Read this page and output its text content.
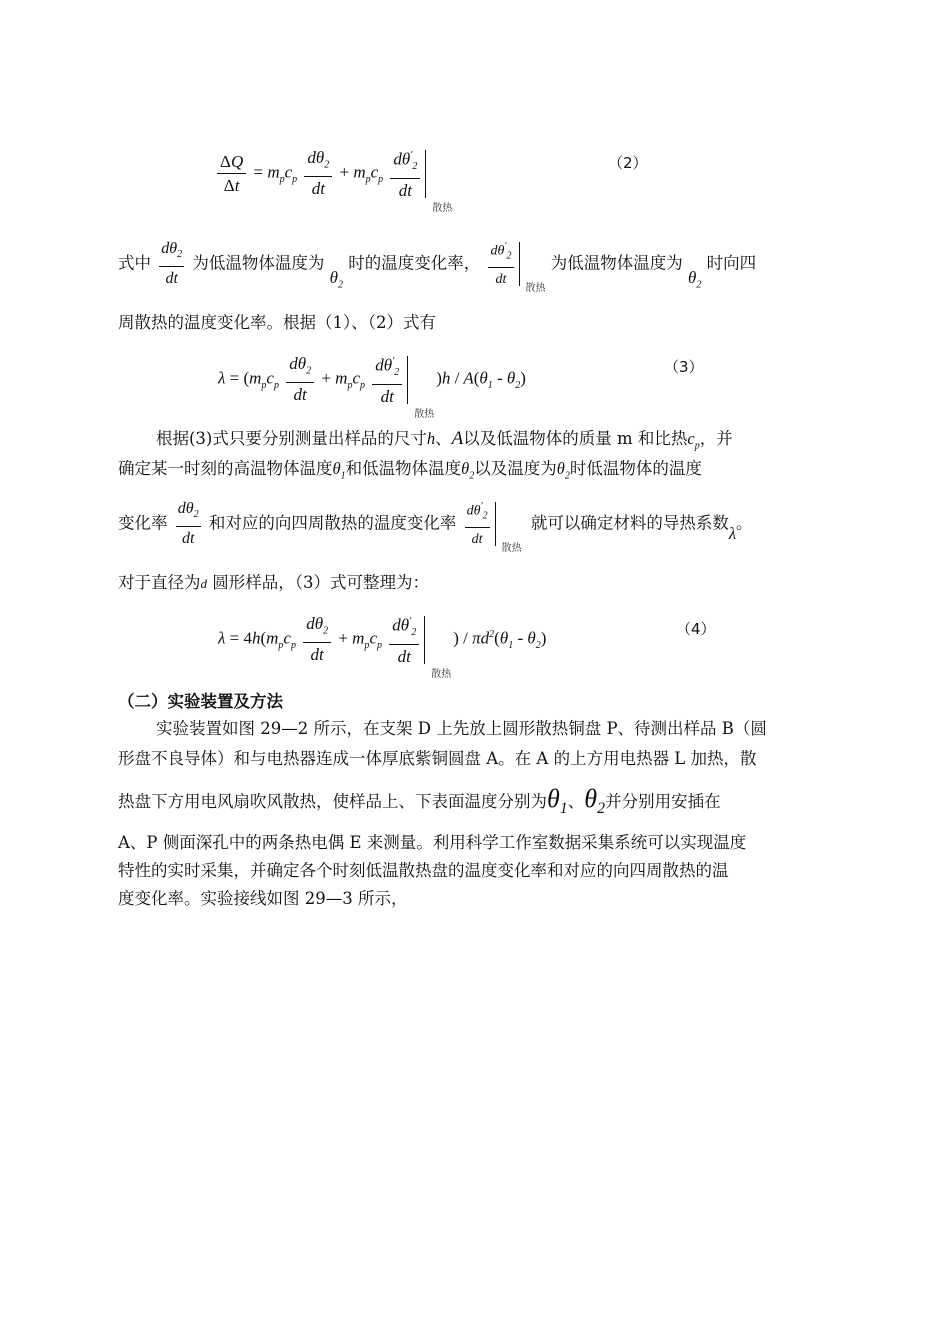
$\frac{\Delta Q}{\Delta t} = m_pc_p \frac{d\theta_2}{dt} + m_pc_p \frac{d\theta'_2}{dt}$
散热
（2）
式中 $\frac{d\theta_2}{dt}$ 为低温物体温度为 $\theta_2$ 时的温度变化率， $\frac{d\theta'_2}{dt}$ 散热
为低温物体温度为 $\theta_2$ 时向四
周散热的温度变化率。根据（1）、（2）式有
$\lambda = (m_pc_p \frac{d\theta_2}{dt} + m_pc_p \frac{d\theta'_2}{dt}$
散热
)$h / A(\theta_1 - \theta_2)$
（3）
根据(3)式只要分别测量出样品的尺寸h、A以及低温物体的质量 m 和比热$c_p$，并
确定某一时刻的高温物体温度$\theta_1$和低温物体温度$\theta_2$以及温度为$\theta_2$时低温物体的温度
变化率 $\frac{d\theta_2}{dt}$ 和对应的向四周散热的温度变化率 $\frac{d\theta'_2}{dt}$ 散热
就可以确定材料的导热系数λ。
对于直径为d 圆形样品，（3）式可整理为：
$\lambda = 4h(m_pc_p \frac{d\theta_2}{dt} + m_pc_p \frac{d\theta'_2}{dt}$
散热
) / $\pi d^2(\theta_1 - \theta_2)$	（4）
（二）实验装置及方法
实验装置如图 29—2 所示，在支架 D 上先放上圆形散热铜盘 P、待测出样品 B（圆
形盘不良导体）和与电热器连成一体厚底紫铜圆盘 A。在 A 的上方用电热器 L 加热，散
热盘下方用电风扇吹风散热，使样品上、下表面温度分别为$\theta_1$、$\theta_2$并分别用安插在
A、P 侧面深孔中的两条热电偶 E 来测量。利用科学工作室数据采集系统可以实现温度
特性的实时采集，并确定各个时刻低温散热盘的温度变化率和对应的向四周散热的温
度变化率。实验接线如图 29—3 所示，
